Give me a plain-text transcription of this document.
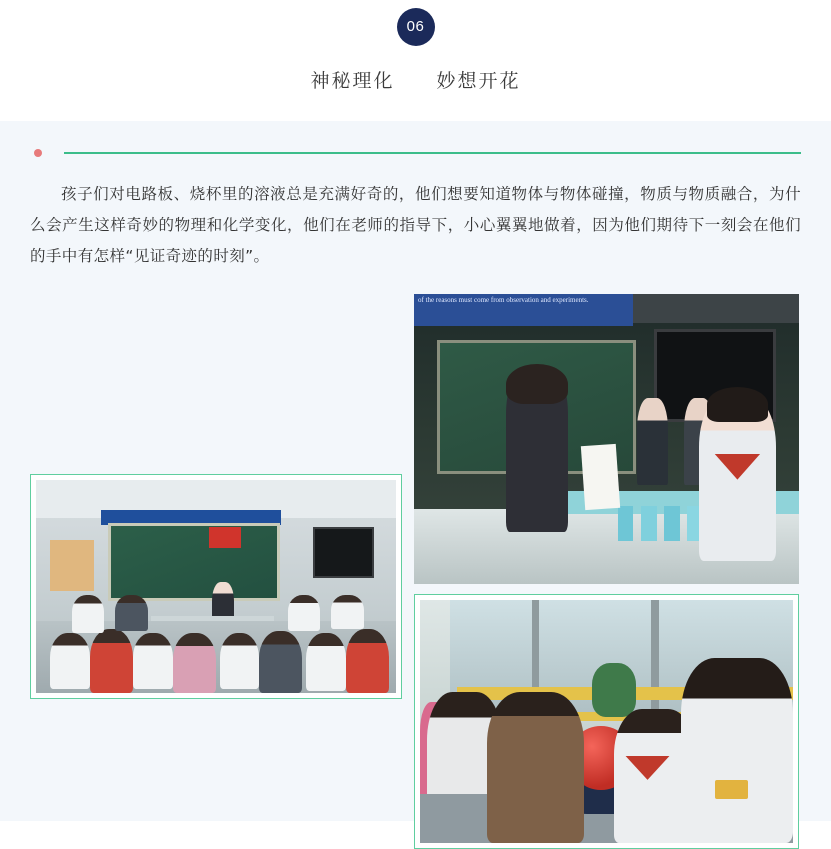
06
神秘理化 妙想开花

孩子们对电路板、烧杯里的溶液总是充满好奇的，他们想要知道物体与物体碰撞，物质与物质融合，为什么会产生这样奇妙的物理和化学变化，他们在老师的指导下，小心翼翼地做着，因为他们期待下一刻会在他们的手中有怎样“见证奇迹的时刻”。

of the reasons must come from observation and experiments.
